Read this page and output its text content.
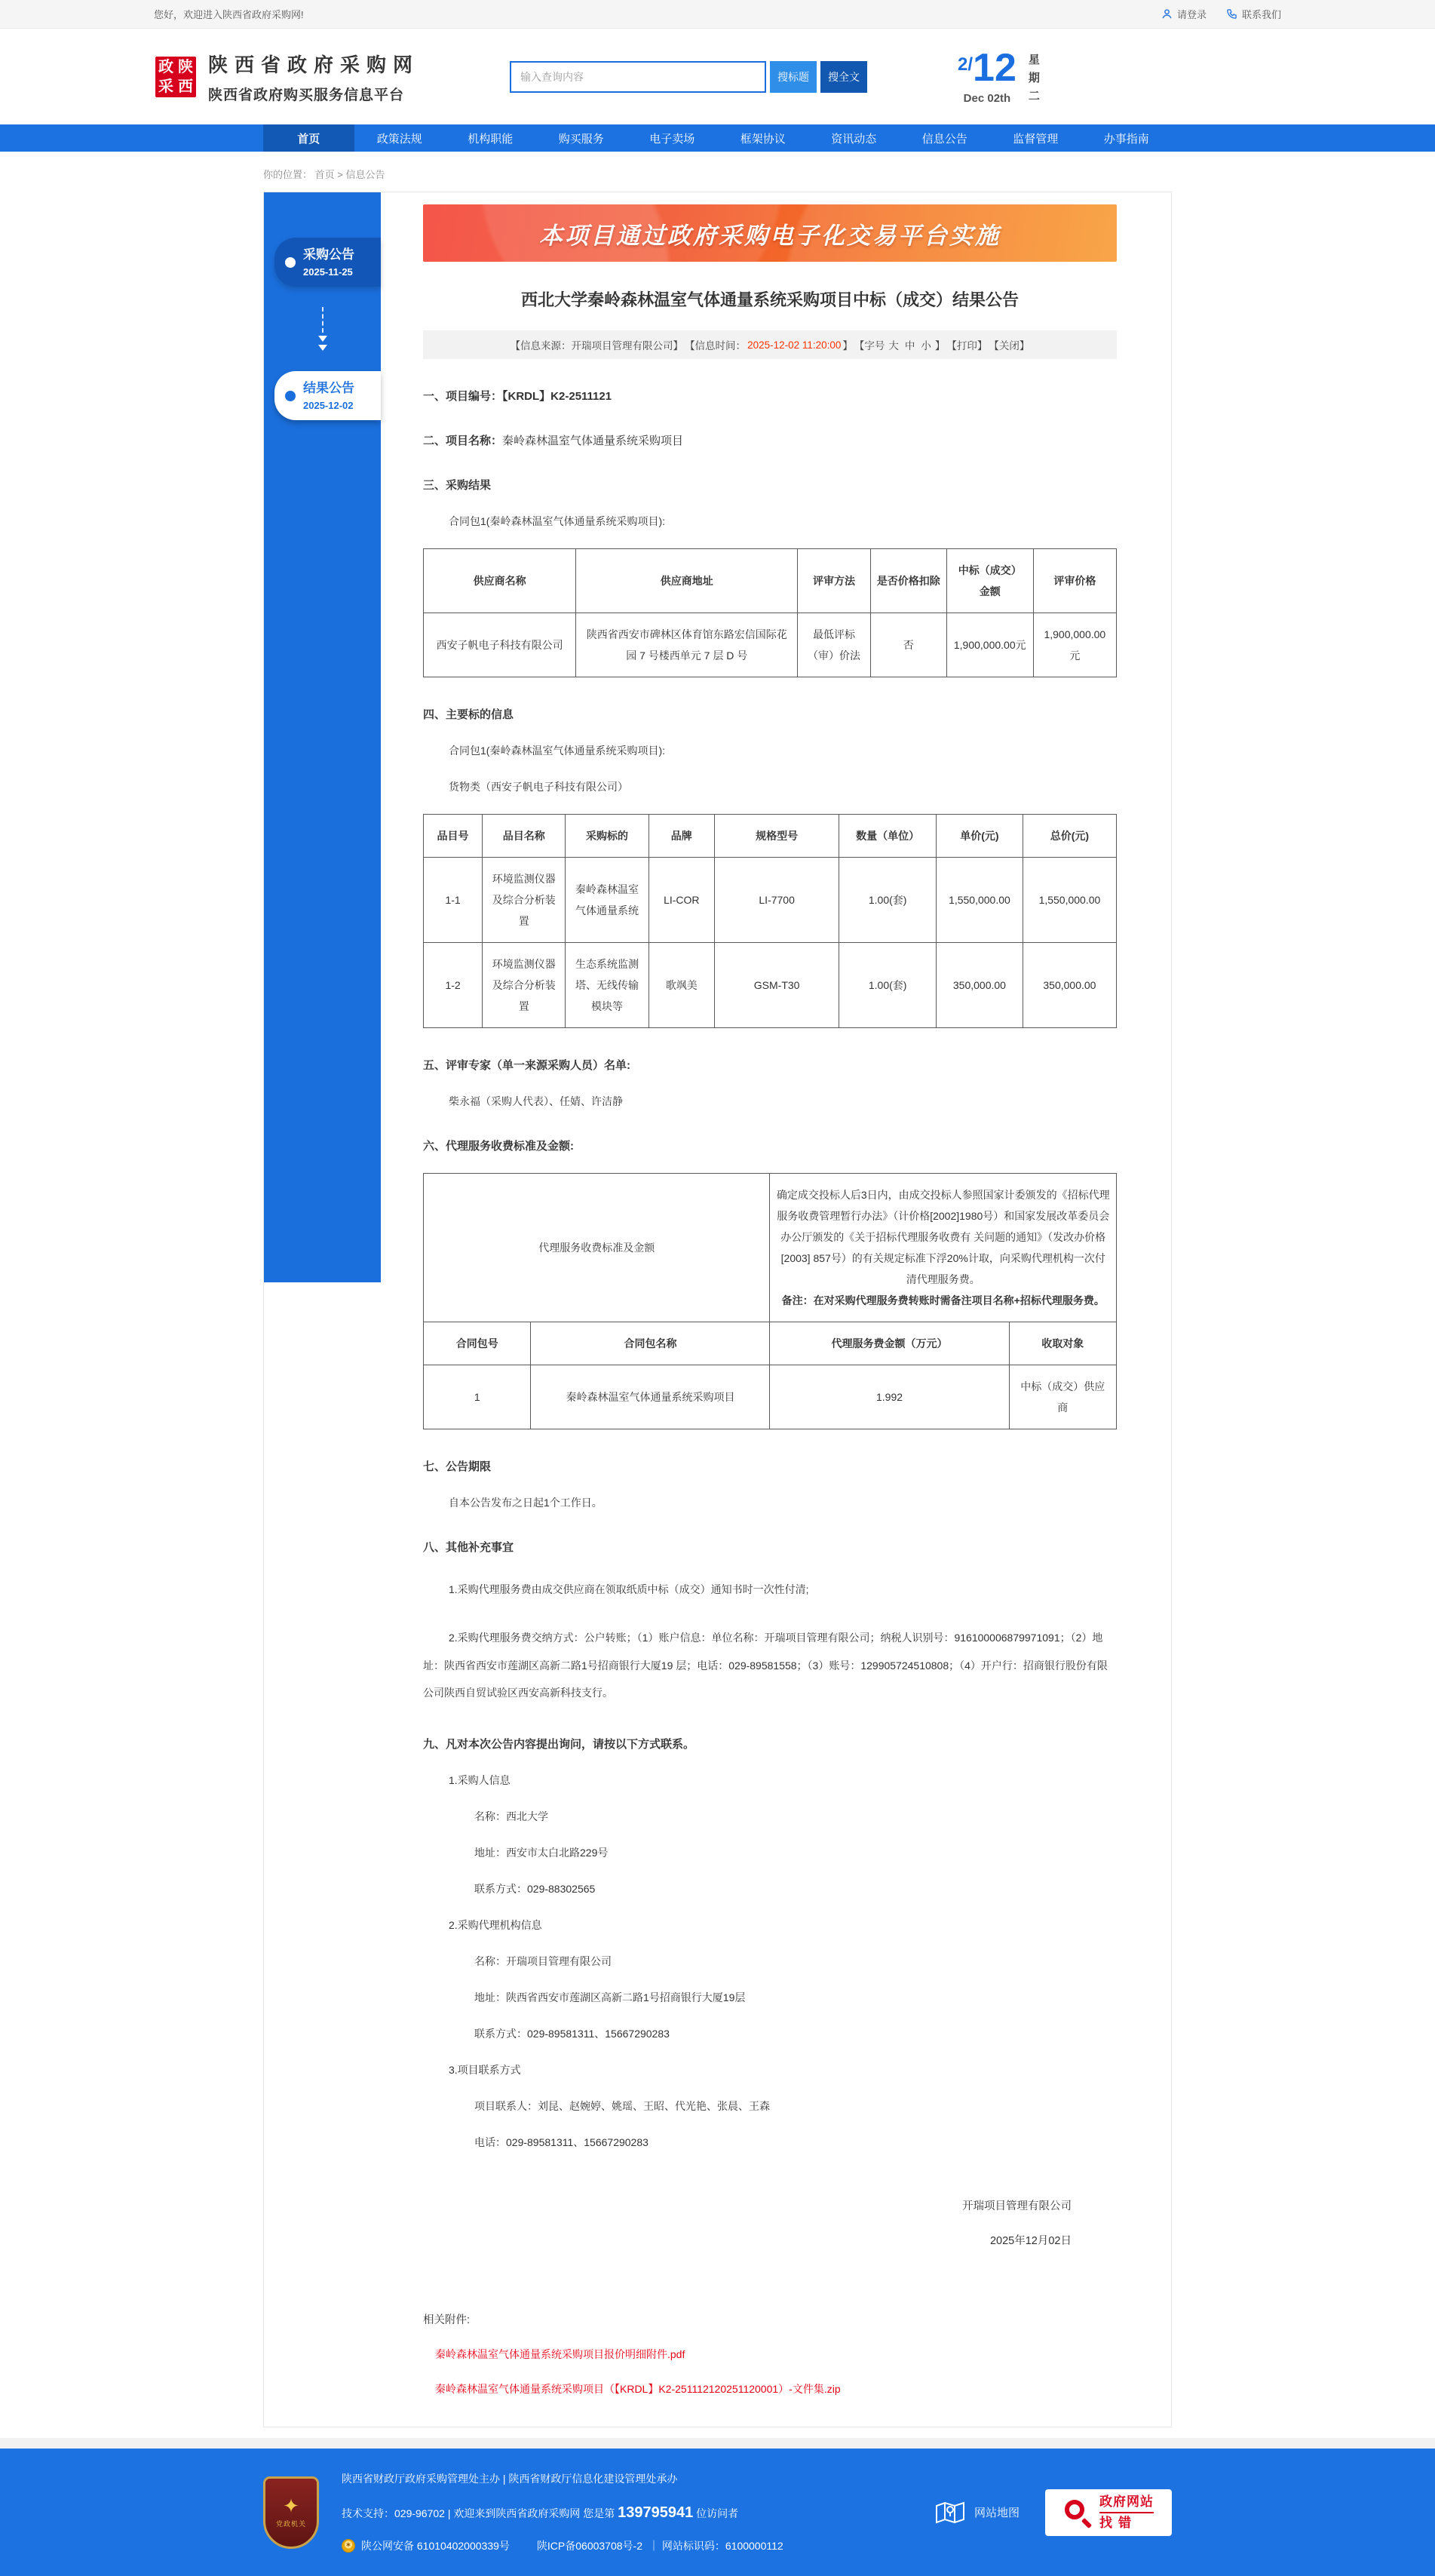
您好，欢迎进入陕西省政府采购网!	请登录	联系我们
政 陕
采 西
陕西省政府采购网
陕西省政府购买服务信息平台
输入查询内容
搜标题	搜全文
2/12
Dec 02th
星
期
二
首页	政策法规	机构职能	购买服务	电子卖场	框架协议	资讯动态	信息公告	监督管理	办事指南
你的位置： 首页 > 信息公告
采购公告
2025-11-25
结果公告
2025-12-02
本项目通过政府采购电子化交易平台实施
西北大学秦岭森林温室气体通量系统采购项目中标（成交）结果公告
【信息来源：开瑞项目管理有限公司】 【信息时间： 2025-12-02 11:20:00 】 【字号 大 中 小 】 【打印】 【关闭】

一、项目编号：【KRDL】K2-2511121

二、项目名称：秦岭森林温室气体通量系统采购项目

三、采购结果

合同包1(秦岭森林温室气体通量系统采购项目):

供应商名称	供应商地址	评审方法	是否价格扣除	中标（成交）金额	评审价格
西安子帆电子科技有限公司	陕西省西安市碑林区体育馆东路宏信国际花园 7 号楼西单元 7 层 D 号	最低评标（审）价法	否	1,900,000.00元	1,900,000.00 元

四、主要标的信息

合同包1(秦岭森林温室气体通量系统采购项目):

货物类（西安子帆电子科技有限公司）

品目号	品目名称	采购标的	品牌	规格型号	数量（单位）	单价(元)	总价(元)
1-1	环境监测仪器及综合分析装置	秦岭森林温室气体通量系统	LI-COR	LI-7700	1.00(套)	1,550,000.00	1,550,000.00
1-2	环境监测仪器及综合分析装置	生态系统监测塔、无线传输模块等	歌飒美	GSM-T30	1.00(套)	350,000.00	350,000.00

五、评审专家（单一来源采购人员）名单:

柴永福（采购人代表）、任婧、许洁静

六、代理服务收费标准及金额:

代理服务收费标准及金额		确定成交投标人后3日内，由成交投标人参照国家计委颁发的《招标代理 服务收费管理暂行办法》（计价格[2002]1980号）和国家发展改革委员会办公厅颁发的《关于招标代理服务收费有 关问题的通知》（发改办价格[2003] 857号）的有关规定标准下浮20%计取，向采购代理机构一次付清代理服务费。
备注：在对采购代理服务费转账时需备注项目名称+招标代理服务费。	
合同包号	合同包名称	代理服务费金额（万元）	收取对象
1	秦岭森林温室气体通量系统采购项目	1.992	中标（成交）供应商

七、公告期限

自本公告发布之日起1个工作日。

八、其他补充事宜

1.采购代理服务费由成交供应商在领取纸质中标（成交）通知书时一次性付清;

2.采购代理服务费交纳方式：公户转账；（1）账户信息：单位名称：开瑞项目管理有限公司；纳税人识别号：916100006879971091；（2）地址：陕西省西安市莲湖区高新二路1号招商银行大厦19 层；电话：029-89581558；（3）账号：129905724510808；（4）开户行：招商银行股份有限公司陕西自贸试验区西安高新科技支行。

九、凡对本次公告内容提出询问，请按以下方式联系。

1.采购人信息

名称：西北大学

地址：西安市太白北路229号

联系方式：029-88302565

2.采购代理机构信息

名称：开瑞项目管理有限公司

地址：陕西省西安市莲湖区高新二路1号招商银行大厦19层

联系方式：029-89581311、15667290283

3.项目联系方式

项目联系人：刘昆、赵婉婷、姚瑶、王昭、代光艳、张晨、王森

电话：029-89581311、15667290283

开瑞项目管理有限公司
2025年12月02日
相关附件:
秦岭森林温室气体通量系统采购项目报价明细附件.pdf
秦岭森林温室气体通量系统采购项目（【KRDL】K2-251112120251120001）-文件集.zip
✦
党政机关
陕西省财政厅政府采购管理处主办 | 陕西省财政厅信息化建设管理处承办
技术支持：029-96702 | 欢迎来到陕西省政府采购网 您是第 139795941 位访问者
✶ 陕公网安备 61010402000339号	陕ICP备06003708号-2 ｜ 网站标识码：6100000112
网站地图
政府网站
找错
